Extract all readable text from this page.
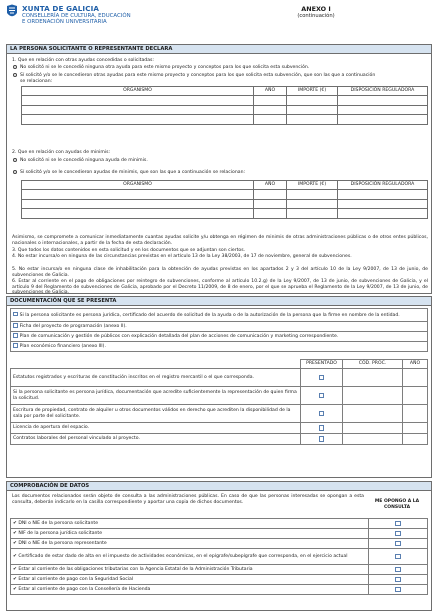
XUNTA DE GALICIA
CONSELLERÍA DE CULTURA, EDUCACIÓN
E ORDENACIÓN UNIVERSITARIA
ANEXO I
(continuación)
LA PERSONA SOLICITANTE O REPRESENTANTE DECLARA
1. Que en relación con otras ayudas concedidas o solicitadas:
No solicitó ni se le concedió ninguna otra ayuda para este mismo proyecto y conceptos para los que solicita esta subvención.
Sí solicitó y/o se le concedieron otras ayudas para este mismo proyecto y conceptos para los que solicita esta subvención, que son las que a continuación
se relacionan:
ORGANISMO	AÑO	IMPORTE (€)	DISPOSICIÓN REGULADORA

2. Que en relación con ayudas de minimis:
No solicitó ni se le concedió ninguna ayuda de minimis.
Sí solicitó y/o se le concedieron ayudas de minimis, que son las que a continuación se relacionan:
ORGANISMO	AÑO	IMPORTE (€)	DISPOSICIÓN REGULADORA

Asimismo, se compromete a comunicar inmediatamente cuantas ayudas solicite y/u obtenga en régimen de minimis de otras administraciones públicas o de otros entes públicos, nacionales o internacionales, a partir de la fecha de esta declaración.
3. Que todos los datos contenidos en esta solicitud y en los documentos que se adjuntan son ciertos.
4. No estar incursa/o en ninguna de las circunstancias previstas en el artículo 13 de la Ley 38/2003, de 17 de noviembre, general de subvenciones.
5. No estar incursa/o en ninguna clase de inhabilitación para la obtención de ayudas previstas en los apartados 2 y 3 del artículo 10 de la Ley 9/2007, de 13 de junio, de subvenciones de Galicia.
6. Estar al corriente en el pago de obligaciones por reintegro de subvenciones, conforme al artículo 10.2.g) de la Ley 9/2007, de 13 de junio, de subvenciones de Galicia, y el artículo 9 del Reglamento de subvenciones de Galicia, aprobado por el Decreto 11/2009, de 8 de enero, por el que se aprueba el Reglamento de la Ley 9/2007, de 13 de junio, de subvenciones de Galicia.
DOCUMENTACIÓN QUE SE PRESENTA
Si la persona solicitante es persona jurídica, certificado del acuerdo de solicitud de la ayuda o de la autorización de la persona que la firme en nombre de la entidad.
Ficha del proyecto de programación (anexo II).
Plan de comunicación y gestión de públicos con explicación detallada del plan de acciones de comunicación y marketing correspondiente.
Plan económico financiero (anexo III).
	PRESENTADO	CÓD. PROC.	AÑO
Estatutos registrados y escrituras de constitución inscritos en el registro mercantil o el que corresponda.	

Si la persona solicitante es persona jurídica, documentación que acredite suficientemente la representación de quien firma la solicitud.	

Escritura de propiedad, contrato de alquiler u otros documentos válidos en derecho que acrediten la disponibilidad de la sala por parte del solicitante.	

Licencia de apertura del espacio.	

Contratos laborales del personal vinculado al proyecto.	

COMPROBACIÓN DE DATOS
Los documentos relacionados serán objeto de consulta a las administraciones públicas. En caso de que las personas interesadas se opongan a esta consulta, deberán indicarlo en la casilla correspondiente y aportar una copia de dichos documentos.	ME OPONGO A LA CONSULTA
✔ DNI o NIE de la persona solicitante	

✔ NIF de la persona jurídica solicitante	

✔ DNI o NIE de la persona representante	

✔ Certificado de estar dado de alta en el impuesto de actividades económicas, en el epígrafe/subepígrafe que corresponda, en el ejercicio actual	

✔ Estar al corriente de las obligaciones tributarias con la Agencia Estatal de la Administración Tributaria	

✔ Estar al corriente de pago con la Seguridad Social	

✔ Estar al corriente de pago con la Consellería de Hacienda	
